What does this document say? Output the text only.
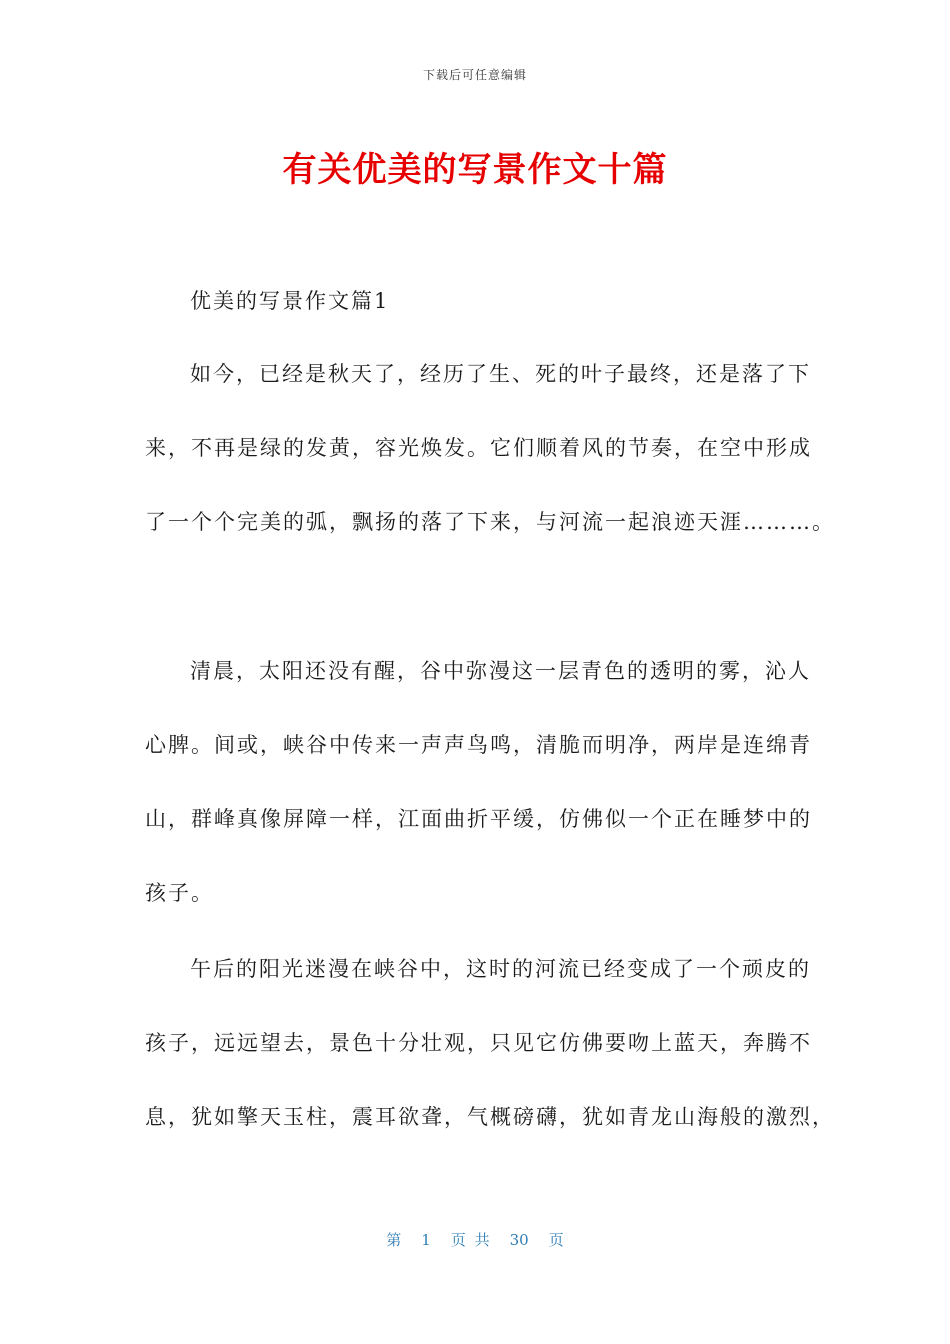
下载后可任意编辑
有关优美的写景作文十篇
优美的写景作文篇1
如今，已经是秋天了，经历了生、死的叶子最终，还是落了下
来，不再是绿的发黄，容光焕发。它们顺着风的节奏，在空中形成
了一个个完美的弧，飘扬的落了下来，与河流一起浪迹天涯………。
清晨，太阳还没有醒，谷中弥漫这一层青色的透明的雾，沁人
心脾。间或，峡谷中传来一声声鸟鸣，清脆而明净，两岸是连绵青
山，群峰真像屏障一样，江面曲折平缓，仿佛似一个正在睡梦中的
孩子。
午后的阳光迷漫在峡谷中，这时的河流已经变成了一个顽皮的
孩子，远远望去，景色十分壮观，只见它仿佛要吻上蓝天，奔腾不
息，犹如擎天玉柱，震耳欲聋，气概磅礴，犹如青龙山海般的激烈，
第 1 页 共 30 页
